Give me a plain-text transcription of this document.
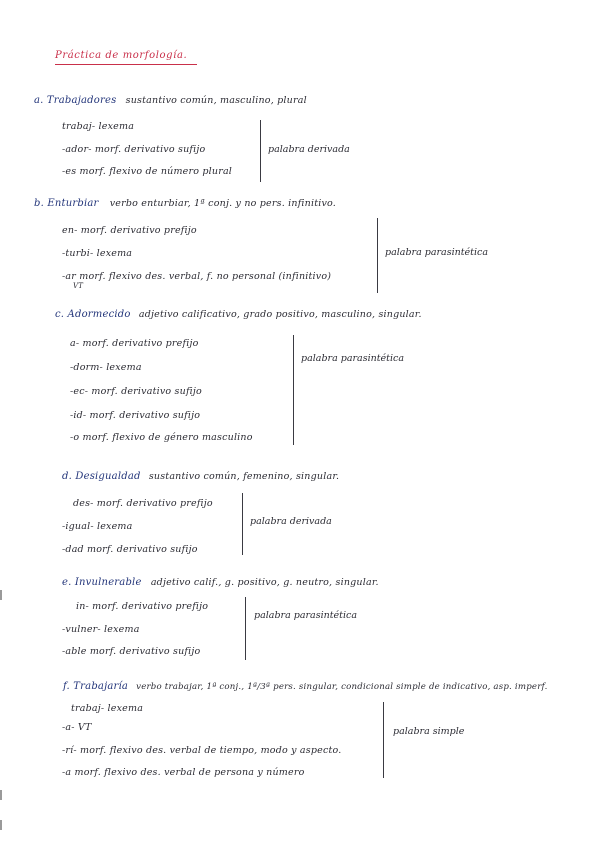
Práctica de morfología.
a. Trabajadores sustantivo común, masculino, plural
trabaj- lexema
-ador- morf. derivativo sufijo
-es morf. flexivo de número plural
palabra derivada
b. Enturbiar verbo enturbiar, 1ª conj. y no pers. infinitivo.
en- morf. derivativo prefijo
-turbi- lexema
-ar morf. flexivo des. verbal, f. no personal (infinitivo)
VT
palabra parasintética
c. Adormecido adjetivo calificativo, grado positivo, masculino, singular.
a- morf. derivativo prefijo
-dorm- lexema
-ec- morf. derivativo sufijo
-id- morf. derivativo sufijo
-o morf. flexivo de género masculino
palabra parasintética
d. Desigualdad sustantivo común, femenino, singular.
des- morf. derivativo prefijo
-igual- lexema
-dad morf. derivativo sufijo
palabra derivada
e. Invulnerable adjetivo calif., g. positivo, g. neutro, singular.
in- morf. derivativo prefijo
-vulner- lexema
-able morf. derivativo sufijo
palabra parasintética
f. Trabajaría verbo trabajar, 1ª conj., 1ª/3ª pers. singular, condicional simple de indicativo, asp. imperf.
trabaj- lexema
-a- VT
-rí- morf. flexivo des. verbal de tiempo, modo y aspecto.
-a morf. flexivo des. verbal de persona y número
palabra simple
